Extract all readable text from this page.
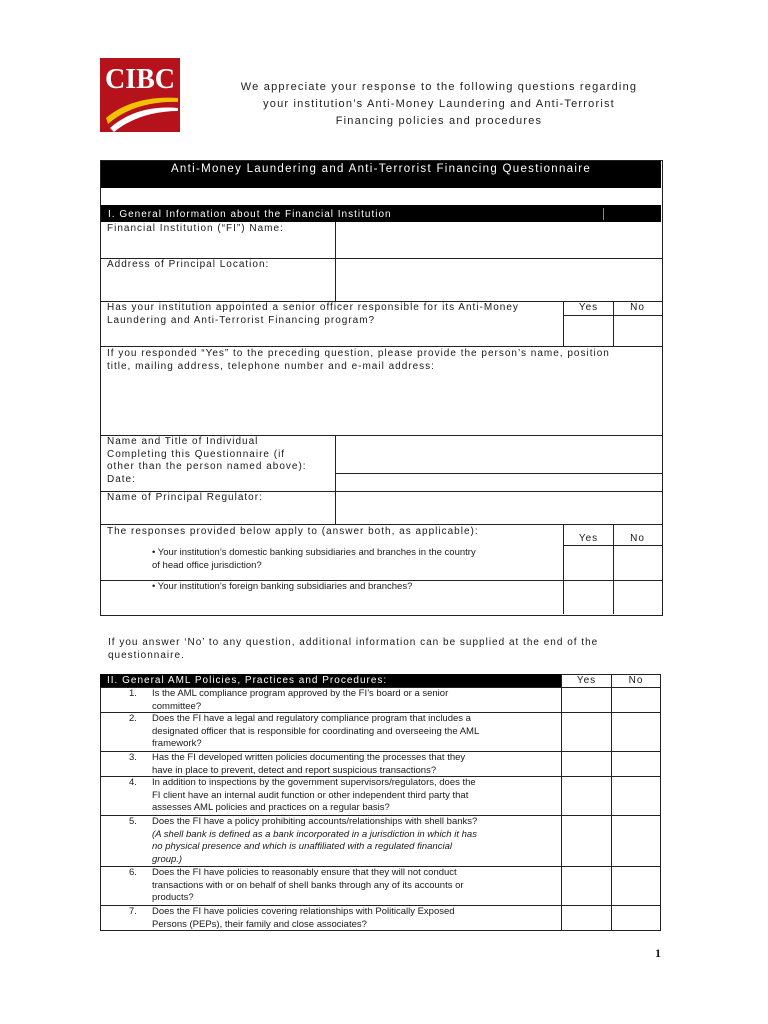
CIBC	We appreciate your response to the following questions regarding
your institution’s Anti-Money Laundering and Anti-Terrorist
Financing policies and procedures
Anti-Money Laundering and Anti-Terrorist Financing Questionnaire
I. General Information about the Financial Institution
Financial Institution (“FI”) Name:
Address of Principal Location:
Has your institution appointed a senior officer responsible for its Anti-Money
Laundering and Anti-Terrorist Financing program?
Yes	No
If you responded “Yes” to the preceding question, please provide the person’s name, position
title, mailing address, telephone number and e-mail address:
Name and Title of Individual
Completing this Questionnaire (if
other than the person named above):
Date:
Name of Principal Regulator:
The responses provided below apply to (answer both, as applicable):
Yes	No
• Your institution’s domestic banking subsidiaries and branches in the country
of head office jurisdiction?
• Your institution’s foreign banking subsidiaries and branches?
If you answer ‘No’ to any question, additional information can be supplied at the end of the
questionnaire.
II. General AML Policies, Practices and Procedures:	Yes	No
1. Is the AML compliance program approved by the FI’s board or a senior
committee?
2. Does the FI have a legal and regulatory compliance program that includes a
designated officer that is responsible for coordinating and overseeing the AML
framework?
3. Has the FI developed written policies documenting the processes that they
have in place to prevent, detect and report suspicious transactions?
4. In addition to inspections by the government supervisors/regulators, does the
FI client have an internal audit function or other independent third party that
assesses AML policies and practices on a regular basis?
5. Does the FI have a policy prohibiting accounts/relationships with shell banks?
(A shell bank is defined as a bank incorporated in a jurisdiction in which it has
no physical presence and which is unaffiliated with a regulated financial
group.)
6. Does the FI have policies to reasonably ensure that they will not conduct
transactions with or on behalf of shell banks through any of its accounts or
products?
7. Does the FI have policies covering relationships with Politically Exposed
Persons (PEPs), their family and close associates?
1
